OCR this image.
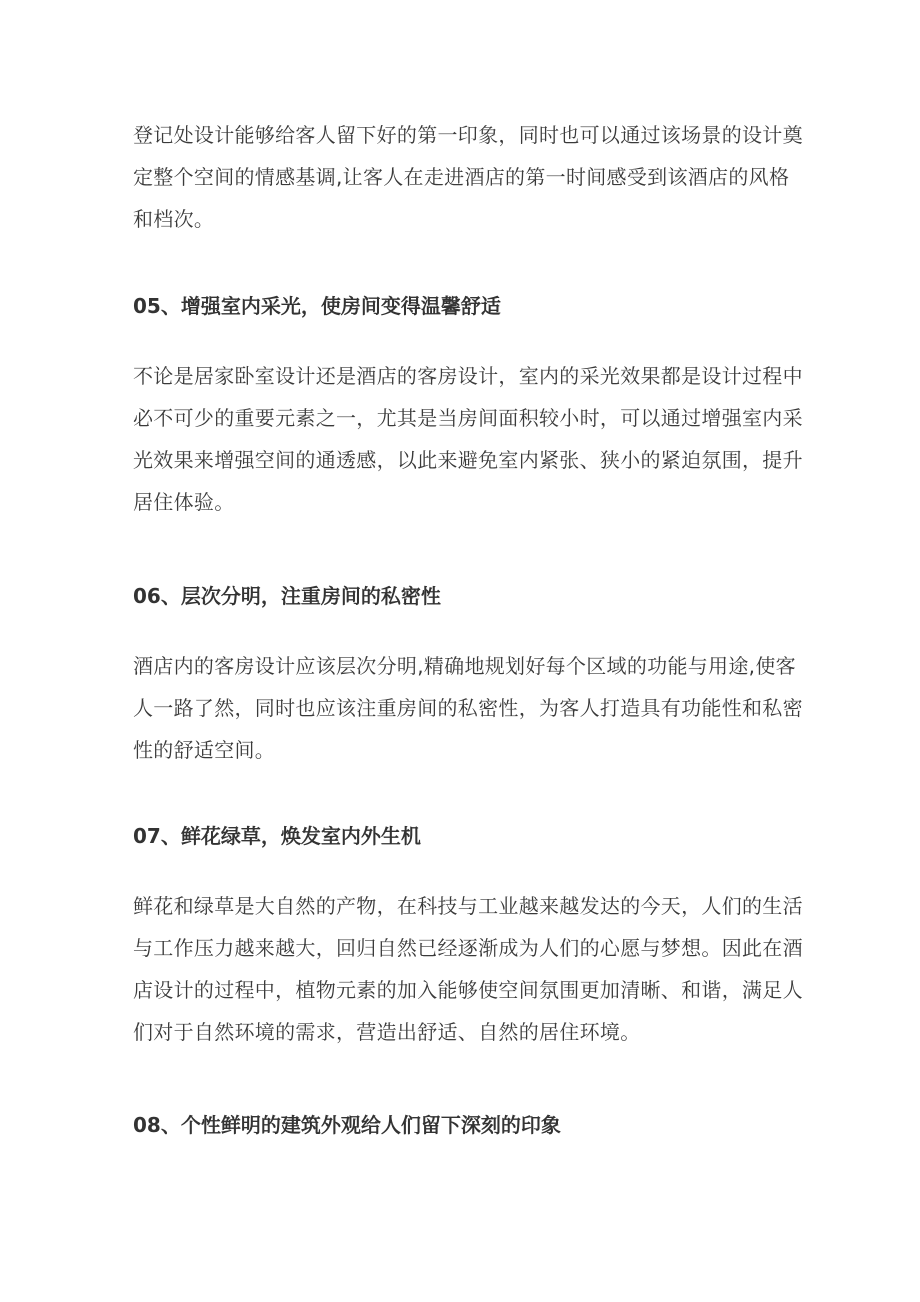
登记处设计能够给客人留下好的第一印象，同时也可以通过该场景的设计奠
定整个空间的情感基调,让客人在走进酒店的第一时间感受到该酒店的风格
和档次。

05、增强室内采光，使房间变得温馨舒适

不论是居家卧室设计还是酒店的客房设计，室内的采光效果都是设计过程中
必不可少的重要元素之一，尤其是当房间面积较小时，可以通过增强室内采
光效果来增强空间的通透感，以此来避免室内紧张、狭小的紧迫氛围，提升
居住体验。

06、层次分明，注重房间的私密性

酒店内的客房设计应该层次分明,精确地规划好每个区域的功能与用途,使客
人一路了然，同时也应该注重房间的私密性，为客人打造具有功能性和私密
性的舒适空间。

07、鲜花绿草，焕发室内外生机

鲜花和绿草是大自然的产物，在科技与工业越来越发达的今天，人们的生活
与工作压力越来越大，回归自然已经逐渐成为人们的心愿与梦想。因此在酒
店设计的过程中，植物元素的加入能够使空间氛围更加清晰、和谐，满足人
们对于自然环境的需求，营造出舒适、自然的居住环境。

08、个性鲜明的建筑外观给人们留下深刻的印象
